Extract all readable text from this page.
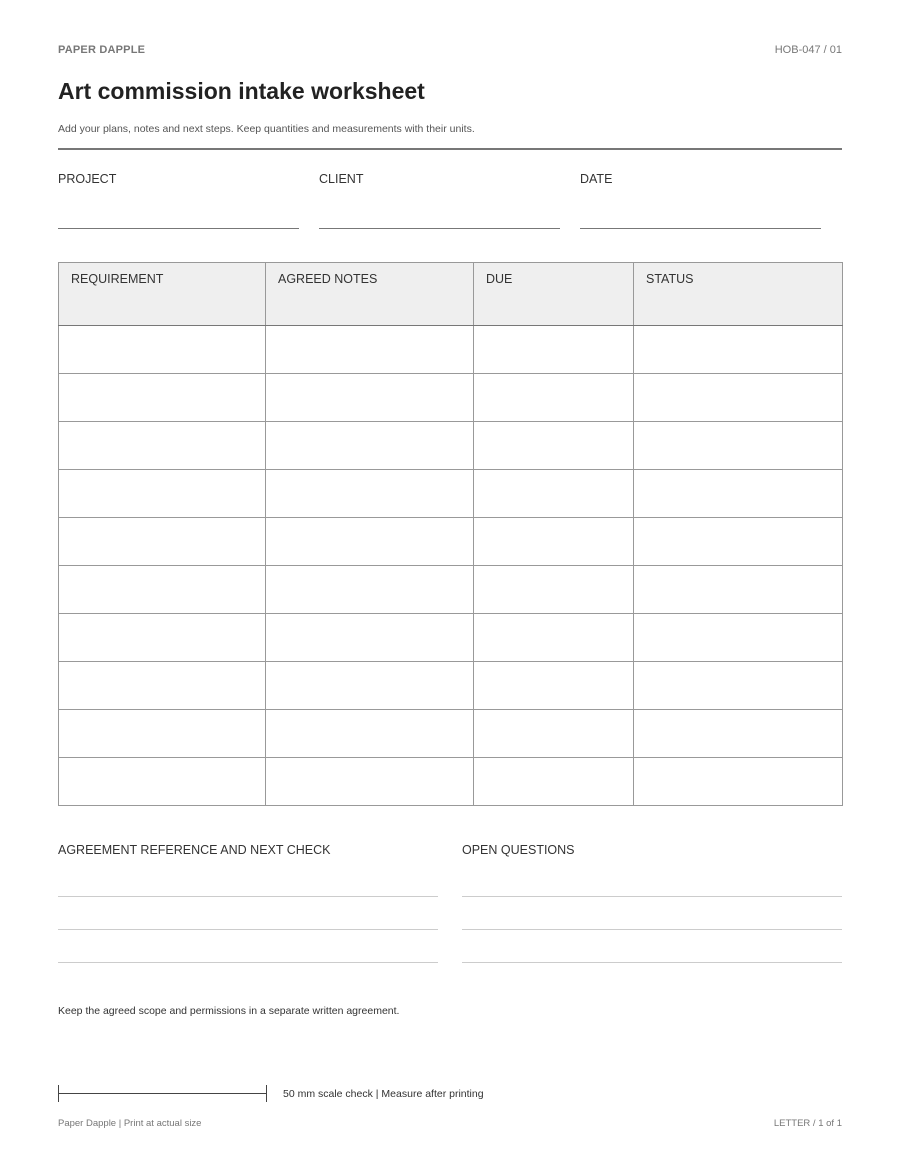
PAPER DAPPLE	HOB-047 / 01
Art commission intake worksheet
Add your plans, notes and next steps. Keep quantities and measurements with their units.
PROJECT	CLIENT	DATE
REQUIREMENT	AGREED NOTES	DUE	STATUS

AGREEMENT REFERENCE AND NEXT CHECK	OPEN QUESTIONS
Keep the agreed scope and permissions in a separate written agreement.
50 mm scale check | Measure after printing
Paper Dapple | Print at actual size	LETTER / 1 of 1
